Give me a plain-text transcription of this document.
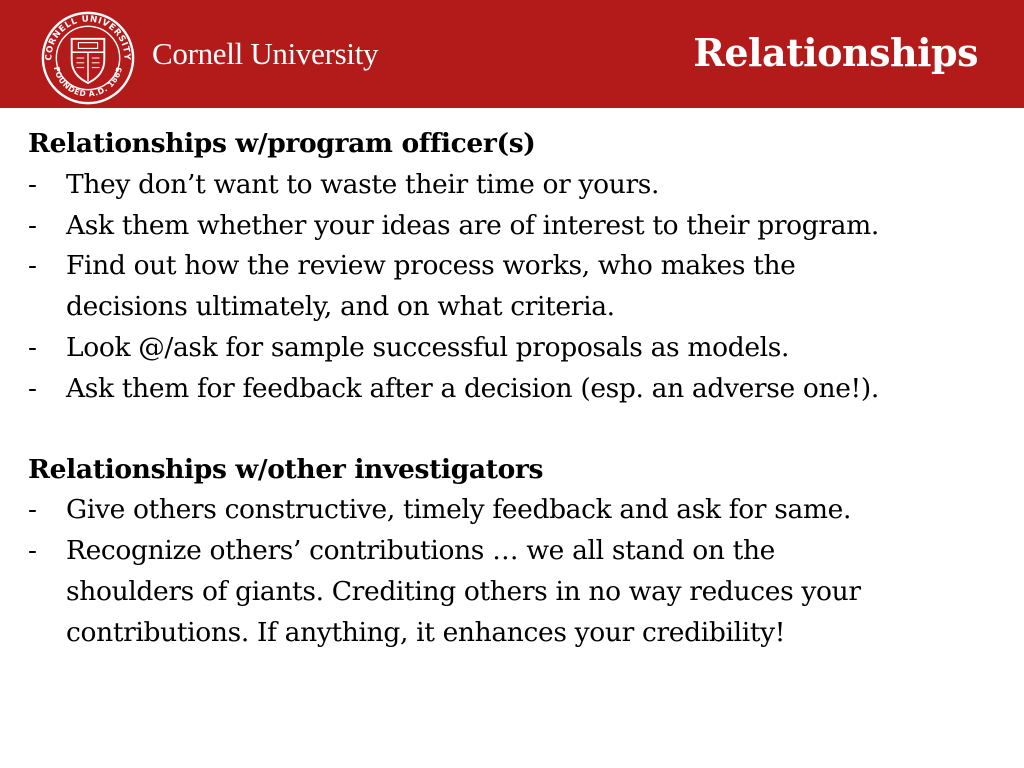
CORNELL UNIVERSITY
FOUNDED A.D. 1865 Cornell University	Relationships

Relationships w/program officer(s)

- They don’t want to waste their time or yours.
- Ask them whether your ideas are of interest to their program.
- Find out how the review process works, who makes the
decisions ultimately, and on what criteria.
- Look @/ask for sample successful proposals as models.
- Ask them for feedback after a decision (esp. an adverse one!).

Relationships w/other investigators

- Give others constructive, timely feedback and ask for same.
- Recognize others’ contributions … we all stand on the
shoulders of giants. Crediting others in no way reduces your
contributions. If anything, it enhances your credibility!
